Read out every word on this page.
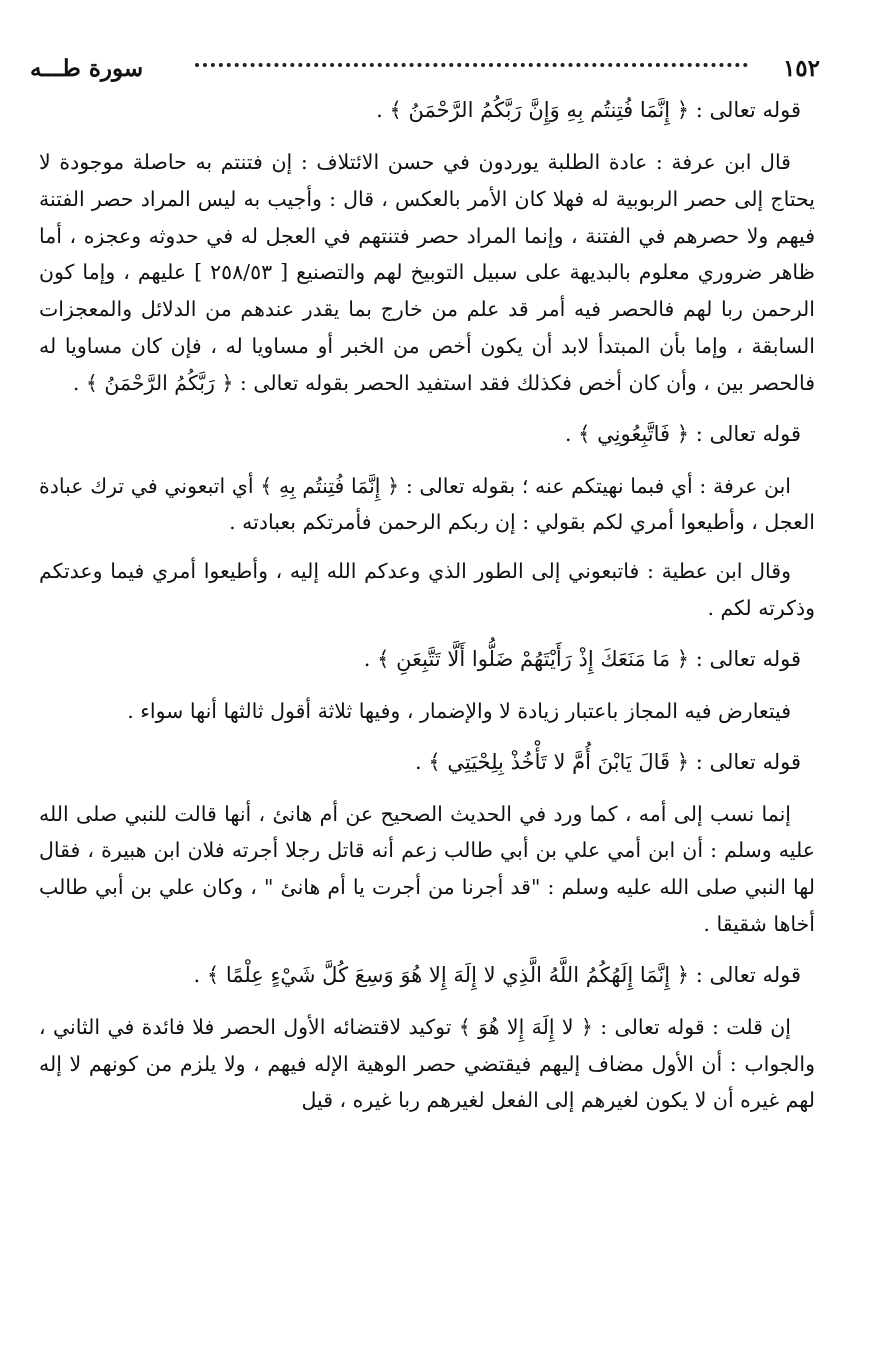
١٥٢
سورة طـــه

قوله تعالى : ﴿ إِنَّمَا فُتِنتُم بِهِ وَإِنَّ رَبَّكُمُ الرَّحْمَنُ ﴾ .

قال ابن عرفة : عادة الطلبة يوردون في حسن الائتلاف : إن فتنتم به حاصلة موجودة لا يحتاج إلى حصر الربوبية له فهلا كان الأمر بالعكس ، قال : وأجيب به ليس المراد حصر الفتنة فيهم ولا حصرهم في الفتنة ، وإنما المراد حصر فتنتهم في العجل له في حدوثه وعجزه ، أما ظاهر ضروري معلوم بالبديهة على سبيل التوبيخ لهم والتصنيع [ ٢٥٨/٥٣ ] عليهم ، وإما كون الرحمن ربا لهم فالحصر فيه أمر قد علم من خارج بما يقدر عندهم من الدلائل والمعجزات السابقة ، وإما بأن المبتدأ لابد أن يكون أخص من الخبر أو مساويا له ، فإن كان مساويا له فالحصر بين ، وأن كان أخص فكذلك فقد استفيد الحصر بقوله تعالى : ﴿ رَبَّكُمُ الرَّحْمَنُ ﴾ .

قوله تعالى : ﴿ فَاتَّبِعُونِي ﴾ .

ابن عرفة : أي فبما نهيتكم عنه ؛ بقوله تعالى : ﴿ إِنَّمَا فُتِنتُم بِهِ ﴾ أي اتبعوني في ترك عبادة العجل ، وأطيعوا أمري لكم بقولي : إن ربكم الرحمن فأمرتكم بعبادته .

وقال ابن عطية : فاتبعوني إلى الطور الذي وعدكم الله إليه ، وأطيعوا أمري فيما وعدتكم وذكرته لكم .

قوله تعالى : ﴿ مَا مَنَعَكَ إِذْ رَأَيْتَهُمْ ضَلُّوا أَلَّا تَتَّبِعَنِ ﴾ .

فيتعارض فيه المجاز باعتبار زيادة لا والإضمار ، وفيها ثلاثة أقول ثالثها أنها سواء .

قوله تعالى : ﴿ قَالَ يَابْنَ أُمَّ لا تَأْخُذْ بِلِحْيَتِي ﴾ .

إنما نسب إلى أمه ، كما ورد في الحديث الصحيح عن أم هانئ ، أنها قالت للنبي صلى الله عليه وسلم : أن ابن أمي علي بن أبي طالب زعم أنه قاتل رجلا أجرته فلان ابن هبيرة ، فقال لها النبي صلى الله عليه وسلم : "قد أجرنا من أجرت يا أم هانئ " ، وكان علي بن أبي طالب أخاها شقيقا .

قوله تعالى : ﴿ إِنَّمَا إِلَهُكُمُ اللَّهُ الَّذِي لا إِلَهَ إِلا هُوَ وَسِعَ كُلَّ شَيْءٍ عِلْمًا ﴾ .

إن قلت : قوله تعالى : ﴿ لا إِلَهَ إِلا هُوَ ﴾ توكيد لاقتضائه الأول الحصر فلا فائدة في الثاني ، والجواب : أن الأول مضاف إليهم فيقتضي حصر الوهية الإله فيهم ، ولا يلزم من كونهم لا إله لهم غيره أن لا يكون لغيرهم إلى الفعل لغيرهم ربا غيره ، قيل
